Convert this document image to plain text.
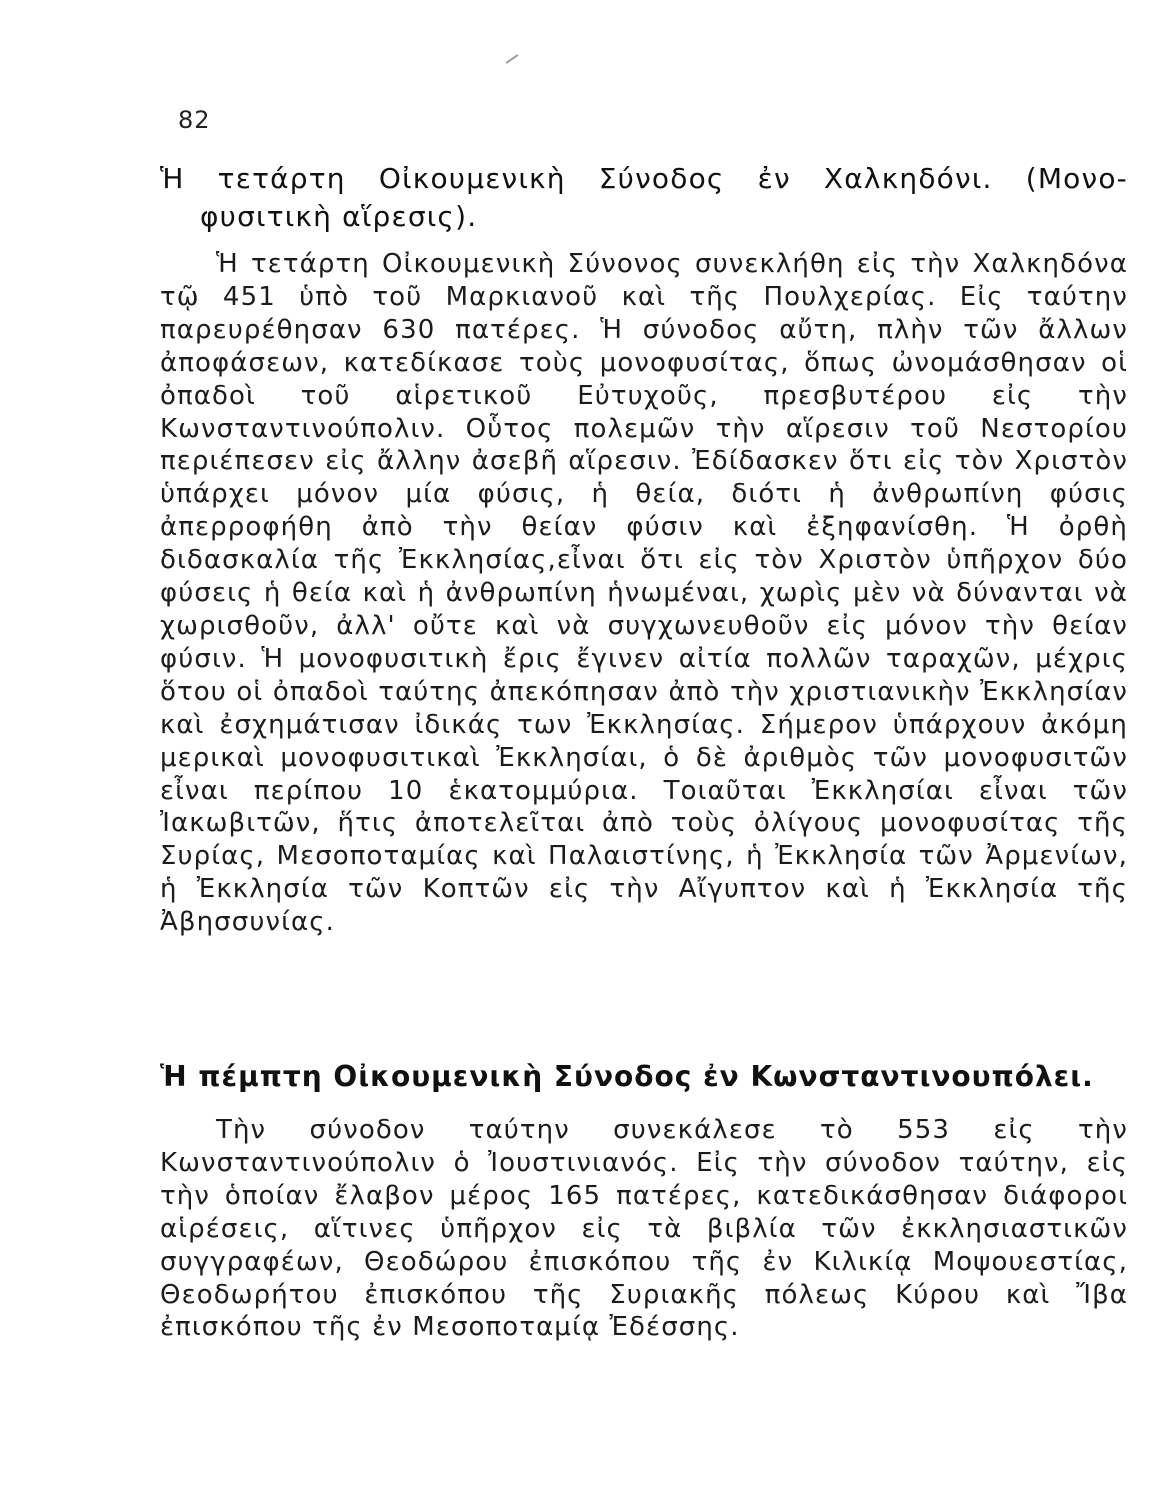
82
Ἡ τετάρτη Οἰκουμενικὴ Σύνοδος ἐν Χαλκηδόνι. (Μονο-
φυσιτικὴ αἵρεσις).

Ἡ τετάρτη Οἰκουμενικὴ Σύνονος συνεκλήθη εἰς τὴν Χαλκηδόνα τῷ 451 ὑπὸ τοῦ Μαρκιανοῦ καὶ τῆς Πουλχερίας. Εἰς ταύτην παρευρέθησαν 630 πατέρες. Ἡ σύνοδος αὔτη, πλὴν τῶν ἄλλων ἀποφάσεων, κατεδίκασε τοὺς μονοφυσίτας, ὅπως ὠνομάσθησαν οἱ ὀπαδοὶ τοῦ αἱρετικοῦ Εὐτυχοῦς, πρεσβυτέρου εἰς τὴν Κωνσταντινούπολιν. Οὗτος πολεμῶν τὴν αἵρεσιν τοῦ Νεστορίου περιέπεσεν εἰς ἄλλην ἀσεβῆ αἵρεσιν. Ἐδίδασκεν ὅτι εἰς τὸν Χριστὸν ὑπάρχει μόνον μία φύσις, ἡ θεία, διότι ἡ ἀνθρωπίνη φύσις ἀπερροφήθη ἀπὸ τὴν θείαν φύσιν καὶ ἐξηφανίσθη. Ἡ ὀρθὴ διδασκαλία τῆς Ἐκκλησίας,εἶναι ὅτι εἰς τὸν Χριστὸν ὑπῆρχον δύο φύσεις ἡ θεία καὶ ἡ ἀνθρωπίνη ἡνωμέναι, χωρὶς μὲν νὰ δύνανται νὰ χωρισθοῦν, ἀλλ' οὔτε καὶ νὰ συγχωνευθοῦν εἰς μόνον τὴν θείαν φύσιν. Ἡ μονοφυσιτικὴ ἔρις ἔγινεν αἰτία πολλῶν ταραχῶν, μέχρις ὅτου οἱ ὀπαδοὶ ταύτης ἀπεκόπησαν ἀπὸ τὴν χριστιανικὴν Ἐκκλησίαν καὶ ἐσχημάτισαν ἰδικάς των Ἐκκλησίας. Σήμερον ὑπάρχουν ἀκόμη μερικαὶ μονοφυσιτικαὶ Ἐκκλησίαι, ὁ δὲ ἀριθμὸς τῶν μονοφυσιτῶν εἶναι περίπου 10 ἑκατομμύρια. Τοιαῦται Ἐκκλησίαι εἶναι τῶν Ἰακωβιτῶν, ἥτις ἀποτελεῖται ἀπὸ τοὺς ὀλίγους μονοφυσίτας τῆς Συρίας, Μεσοποταμίας καὶ Παλαιστίνης, ἡ Ἐκκλησία τῶν Ἀρμενίων, ἡ Ἐκκλησία τῶν Κοπτῶν εἰς τὴν Αἴγυπτον καὶ ἡ Ἐκκλησία τῆς Ἀβησσυνίας.

Ἡ πέμπτη Οἰκουμενικὴ Σύνοδος ἐν Κωνσταντινουπόλει.

Τὴν σύνοδον ταύτην συνεκάλεσε τὸ 553 εἰς τὴν Κωνσταντινούπολιν ὁ Ἰουστινιανός. Εἰς τὴν σύνοδον ταύτην, εἰς τὴν ὁποίαν ἔλαβον μέρος 165 πατέρες, κατεδικάσθησαν διάφοροι αἱρέσεις, αἵτινες ὑπῆρχον εἰς τὰ βιβλία τῶν ἐκκλησιαστικῶν συγγραφέων, Θεοδώρου ἐπισκόπου τῆς ἐν Κιλικίᾳ Μοψουεστίας, Θεοδωρήτου ἐπισκόπου τῆς Συριακῆς πόλεως Κύρου καὶ Ἴβα ἐπισκόπου τῆς ἐν Μεσοποταμίᾳ Ἐδέσσης.
